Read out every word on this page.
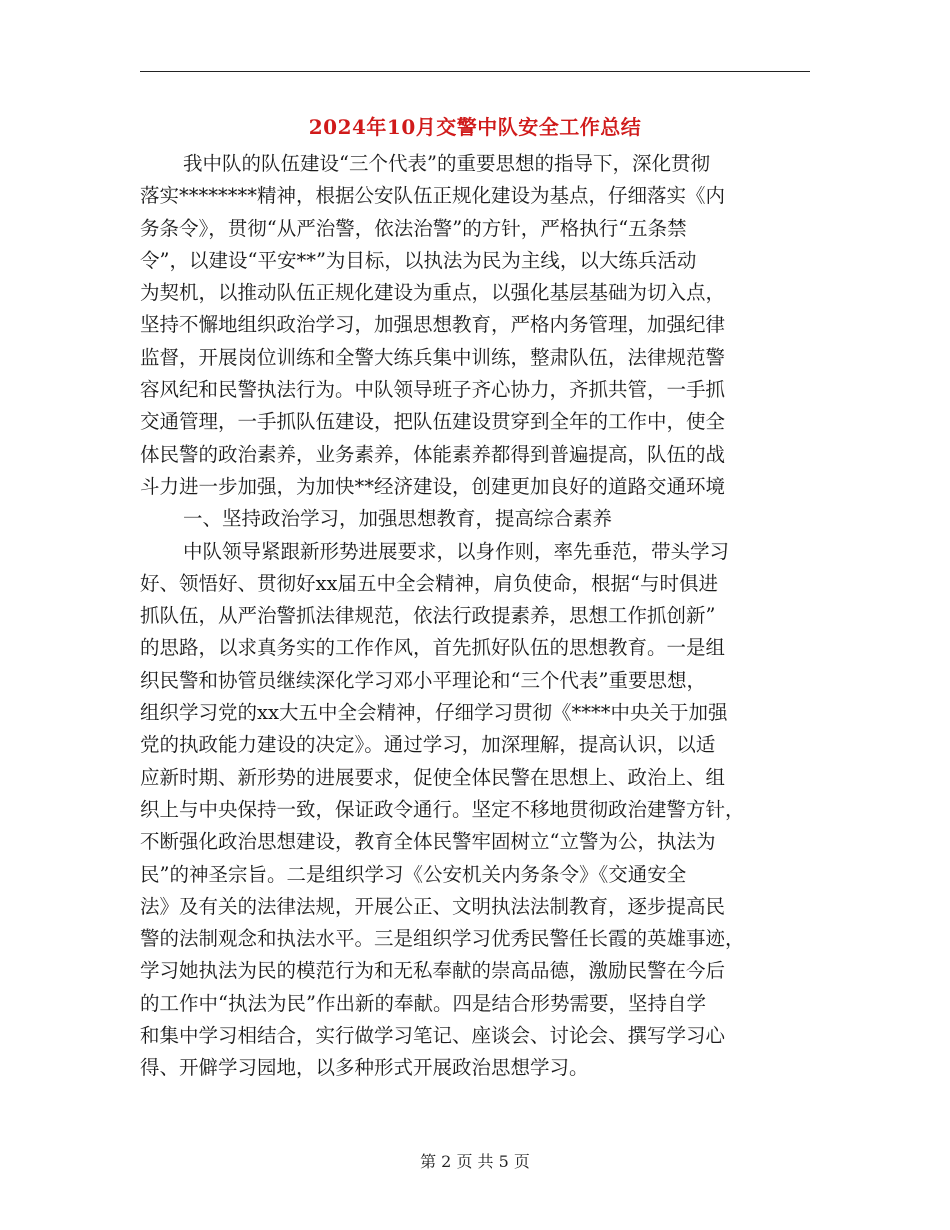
2024年10月交警中队安全工作总结
我中队的队伍建设“三个代表”的重要思想的指导下，深化贯彻
落实********精神，根据公安队伍正规化建设为基点，仔细落实《内
务条令》，贯彻“从严治警，依法治警”的方针，严格执行“五条禁
令”，以建设“平安**”为目标，以执法为民为主线，以大练兵活动
为契机，以推动队伍正规化建设为重点，以强化基层基础为切入点，
坚持不懈地组织政治学习，加强思想教育，严格内务管理，加强纪律
监督，开展岗位训练和全警大练兵集中训练，整肃队伍，法律规范警
容风纪和民警执法行为。中队领导班子齐心协力，齐抓共管，一手抓
交通管理，一手抓队伍建设，把队伍建设贯穿到全年的工作中，使全
体民警的政治素养，业务素养，体能素养都得到普遍提高，队伍的战
斗力进一步加强，为加快**经济建设，创建更加良好的道路交通环境
一、坚持政治学习，加强思想教育，提高综合素养
中队领导紧跟新形势进展要求，以身作则，率先垂范，带头学习
好、领悟好、贯彻好xx届五中全会精神，肩负使命，根据“与时俱进
抓队伍，从严治警抓法律规范，依法行政提素养，思想工作抓创新”
的思路，以求真务实的工作作风，首先抓好队伍的思想教育。一是组
织民警和协管员继续深化学习邓小平理论和“三个代表”重要思想，
组织学习党的xx大五中全会精神，仔细学习贯彻《****中央关于加强
党的执政能力建设的决定》。通过学习，加深理解，提高认识，以适
应新时期、新形势的进展要求，促使全体民警在思想上、政治上、组
织上与中央保持一致，保证政令通行。坚定不移地贯彻政治建警方针，
不断强化政治思想建设，教育全体民警牢固树立“立警为公，执法为
民”的神圣宗旨。二是组织学习《公安机关内务条令》《交通安全
法》及有关的法律法规，开展公正、文明执法法制教育，逐步提高民
警的法制观念和执法水平。三是组织学习优秀民警任长霞的英雄事迹，
学习她执法为民的模范行为和无私奉献的崇高品德，激励民警在今后
的工作中“执法为民”作出新的奉献。四是结合形势需要，坚持自学
和集中学习相结合，实行做学习笔记、座谈会、讨论会、撰写学习心
得、开僻学习园地，以多种形式开展政治思想学习。
第 2 页 共 5 页
